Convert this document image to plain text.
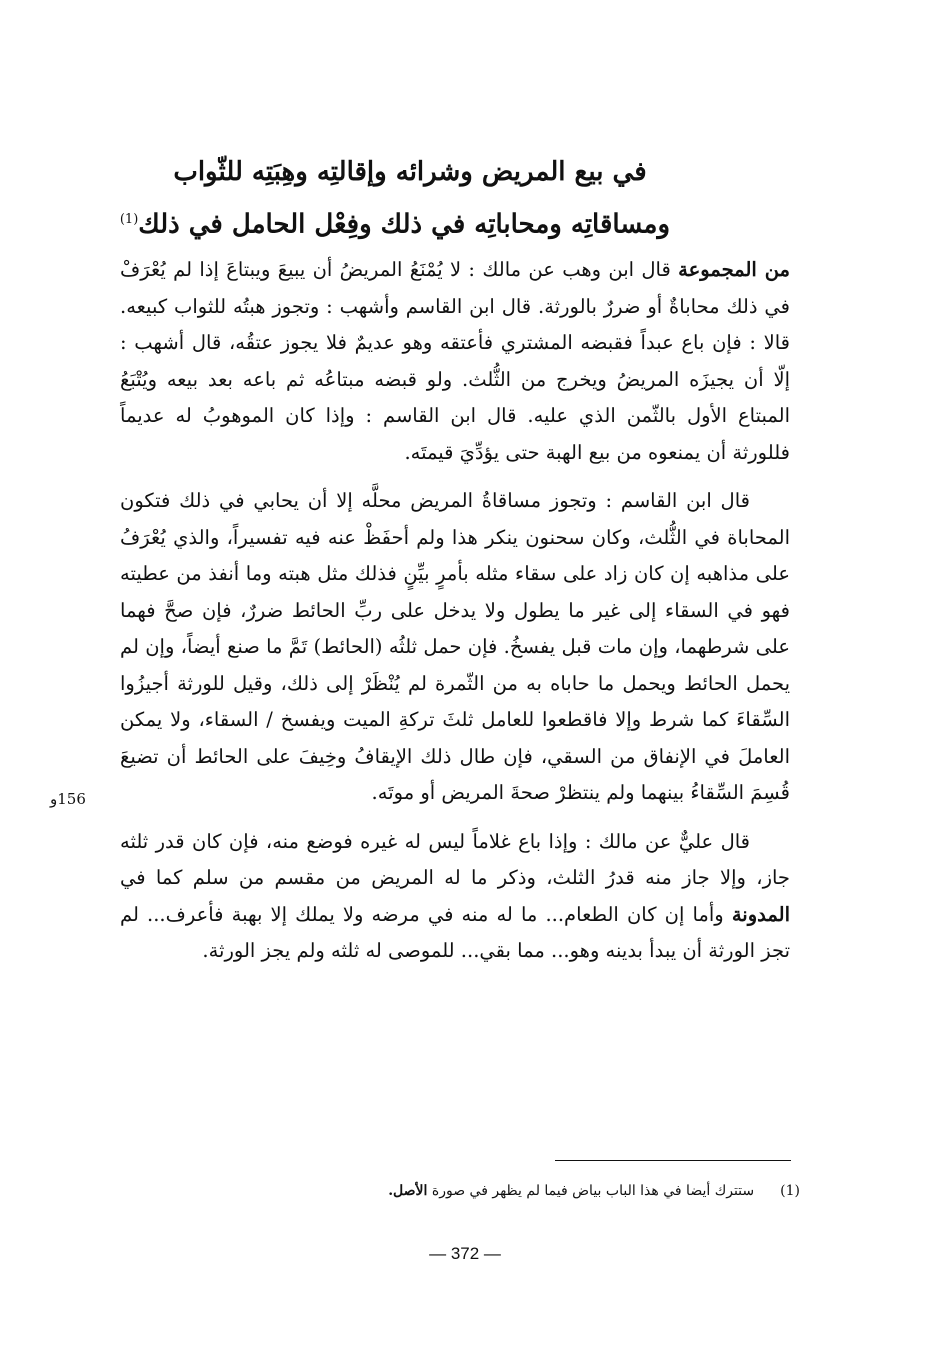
في بيع المريض وشرائه وإقالتِه وهِبَتِه للثّواب
ومساقاتِه ومحاباتِه في ذلك وفِعْل الحامل في ذلك$^{(1)}$

من المجموعة قال ابن وهب عن مالك : لا يُمْنَعُ المريضُ أن يبيعَ ويبتاعَ إذا لم يُعْرَفْ في ذلك محاباةٌ أو ضررٌ بالورثة. قال ابن القاسم وأشهب : وتجوز هبتُه للثواب كبيعه. قالا : فإن باع عبداً فقبضه المشتري فأعتقه وهو عديمٌ فلا يجوز عتقُه، قال أشهب : إلّا أن يجيزَه المريضُ ويخرج من الثُّلث. ولو قبضه مبتاعُه ثم باعه بعد بيعه ويُتْبَعُ المبتاع الأول بالثّمن الذي عليه. قال ابن القاسم : وإذا كان الموهوبُ له عديماً فللورثة أن يمنعوه من بيع الهبة حتى يؤدِّيَ قيمتَه.

قال ابن القاسم : وتجوز مساقاةُ المريض محلَّه إلا أن يحابي في ذلك فتكون المحاباة في الثُّلث، وكان سحنون ينكر هذا ولم أحفَظْ عنه فيه تفسيراً، والذي يُعْرَفُ على مذاهبه إن كان زاد على سقاء مثله بأمرٍ بيِّنٍ فذلك مثل هبته وما أنفذ من عطيته فهو في السقاء إلى غير ما يطول ولا يدخل على ربِّ الحائط ضررٌ، فإن صحَّ فهما على شرطهما، وإن مات قبل يفسخُ. فإن حمل ثلثُه (الحائط) تَمَّ ما صنع أيضاً، وإن لم يحمل الحائط ويحمل ما حاباه به من الثّمرة لم يُنْظَرْ إلى ذلك، وقيل للورثة أجيزُوا السِّقاءَ كما شرط وإلا فاقطعوا للعامل ثلثَ تركةِ الميت ويفسخ / السقاء، ولا يمكن العاملَ في الإنفاق من السقي، فإن طال ذلك الإيقافُ وخِيفَ على الحائط أن تضيعَ قُسِمَ السِّقاءُ بينهما ولم ينتظرْ صحةَ المريض أو موتَه.

قال عليٌّ عن مالك : وإذا باع غلاماً ليس له غيره فوضع منه، فإن كان قدر ثلثه جاز، وإلا جاز منه قدرُ الثلث، وذكر ما له المريض من مقسم من سلم كما في المدونة وأما إن كان الطعام... ما له منه في مرضه ولا يملك إلا بهبة فأعرف... لم تجز الورثة أن يبدأ بدينه وهو... مما بقي... للموصى له ثلثه ولم يجز الورثة.

156و
(1)ستترك أيضا في هذا الباب بياض فيما لم يظهر في صورة الأصل.
— 372 —
